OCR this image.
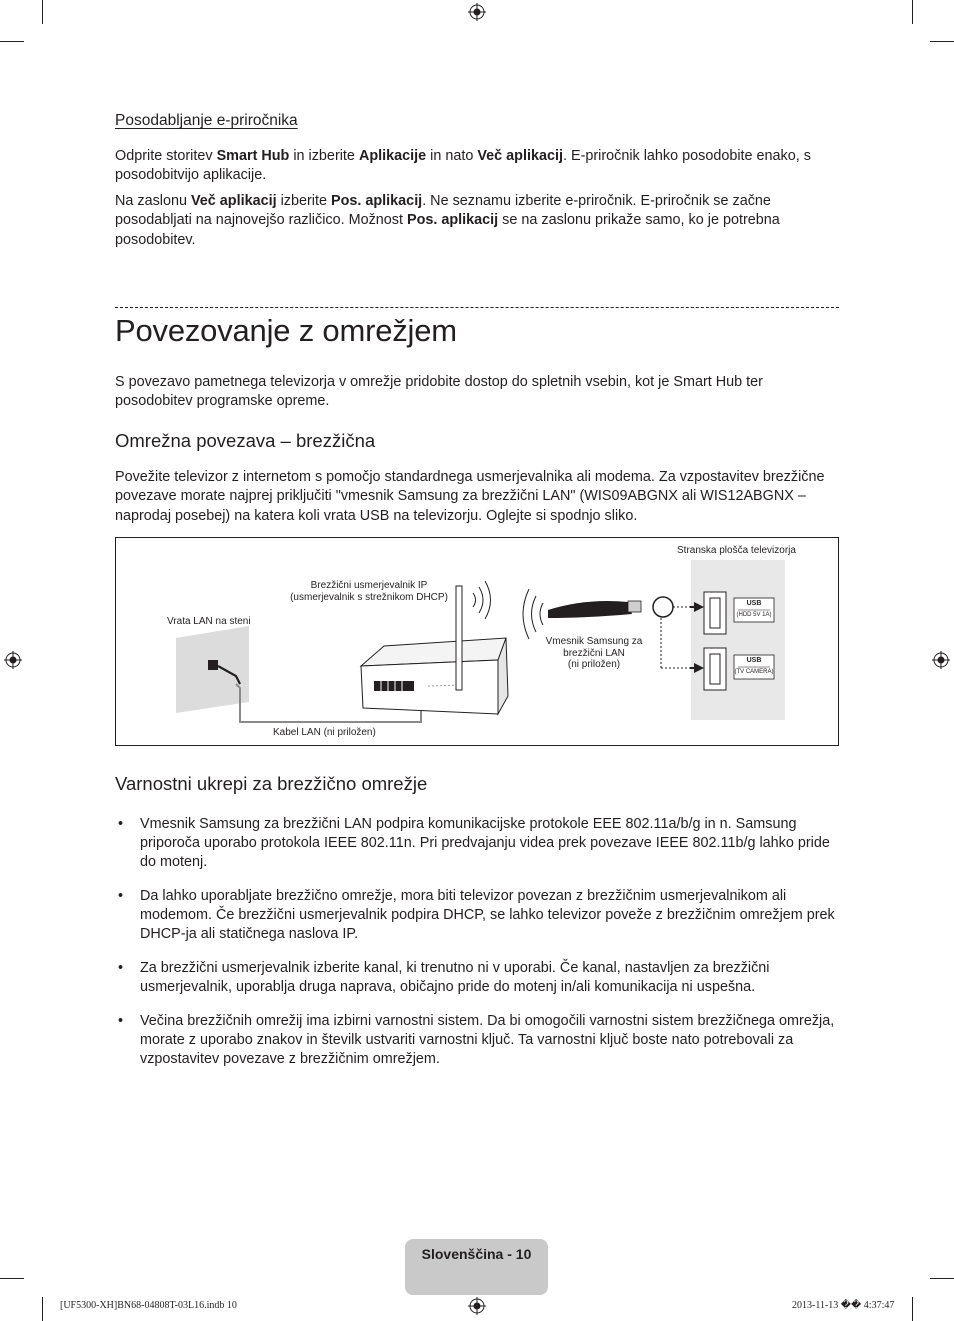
Posodabljanje e-priročnika

Odprite storitev Smart Hub in izberite Aplikacije in nato Več aplikacij. E-priročnik lahko posodobite enako, s posodobitvijo aplikacije.

Na zaslonu Več aplikacij izberite Pos. aplikacij. Ne seznamu izberite e-priročnik. E-priročnik se začne posodabljati na najnovejšo različico. Možnost Pos. aplikacij se na zaslonu prikaže samo, ko je potrebna posodobitev.

Povezovanje z omrežjem

S povezavo pametnega televizorja v omrežje pridobite dostop do spletnih vsebin, kot je Smart Hub ter posodobitev programske opreme.

Omrežna povezava – brezžična

Povežite televizor z internetom s pomočjo standardnega usmerjevalnika ali modema. Za vzpostavitev brezžične povezave morate najprej priključiti "vmesnik Samsung za brezžični LAN" (WIS09ABGNX ali WIS12ABGNX – naprodaj posebej) na katera koli vrata USB na televizorju. Oglejte si spodnjo sliko.

Stranska plošča televizorja
Brezžični usmerjevalnik IP
(usmerjevalnik s strežnikom DHCP)
Vrata LAN na steni
Vmesnik Samsung za
brezžični LAN
(ni priložen)
Kabel LAN (ni priložen)
USB
(HDD 5V 1A)
USB
(TV CAMERA)
Varnostni ukrepi za brezžično omrežje
• Vmesnik Samsung za brezžični LAN podpira komunikacijske protokole EEE 802.11a/b/g in n. Samsung priporoča uporabo protokola IEEE 802.11n. Pri predvajanju videa prek povezave IEEE 802.11b/g lahko pride do motenj.
• Da lahko uporabljate brezžično omrežje, mora biti televizor povezan z brezžičnim usmerjevalnikom ali modemom. Če brezžični usmerjevalnik podpira DHCP, se lahko televizor poveže z brezžičnim omrežjem prek DHCP-ja ali statičnega naslova IP.
• Za brezžični usmerjevalnik izberite kanal, ki trenutno ni v uporabi. Če kanal, nastavljen za brezžični usmerjevalnik, uporablja druga naprava, običajno pride do motenj in/ali komunikacija ni uspešna.
• Večina brezžičnih omrežij ima izbirni varnostni sistem. Da bi omogočili varnostni sistem brezžičnega omrežja, morate z uporabo znakov in številk ustvariti varnostni ključ. Ta varnostni ključ boste nato potrebovali za vzpostavitev povezave z brezžičnim omrežjem.
Slovenščina - 10
[UF5300-XH]BN68-04808T-03L16.indb 10	2013-11-13 �� 4:37:47
